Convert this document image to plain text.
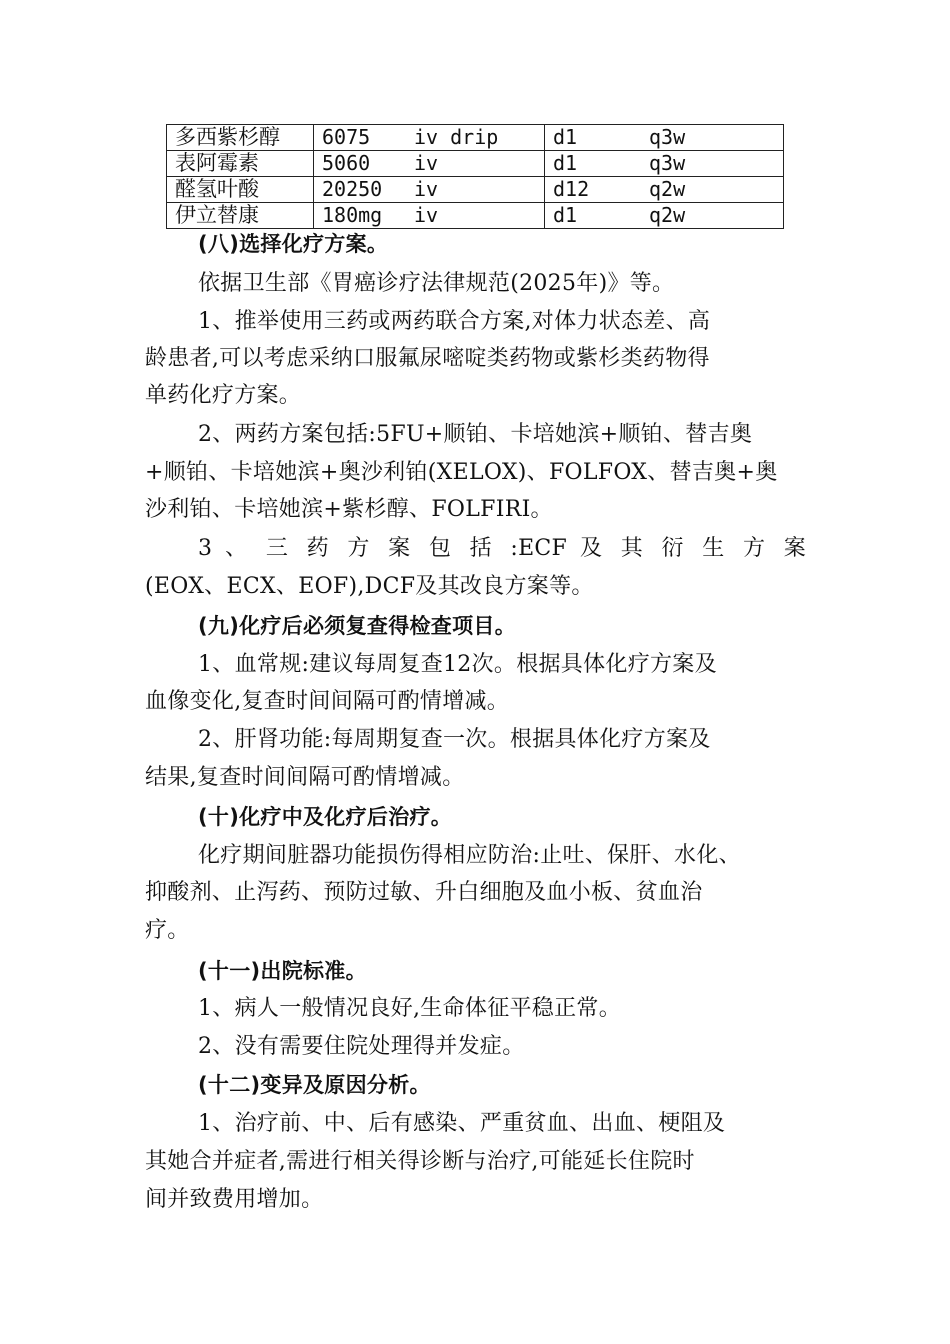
多西紫杉醇	6075 iv drip	d1 q3w
表阿霉素	5060 iv	d1 q3w
醛氢叶酸	20250 iv	d12 q2w
伊立替康	180mg iv	d1 q2w
(八)选择化疗方案。
依据卫生部《胃癌诊疗法律规范(2025年)》等。
1、推举使用三药或两药联合方案,对体力状态差、高
龄患者,可以考虑采纳口服氟尿嘧啶类药物或紫杉类药物得
单药化疗方案。
2、两药方案包括:5FU+顺铂、卡培她滨+顺铂、替吉奥
+顺铂、卡培她滨+奥沙利铂(XELOX)、FOLFOX、替吉奥+奥
沙利铂、卡培她滨+紫杉醇、FOLFIRI。
3 、 三 药 方 案 包 括 :ECF 及 其 衍 生 方 案
(EOX、ECX、EOF),DCF及其改良方案等。
(九)化疗后必须复查得检查项目。
1、血常规:建议每周复查12次。根据具体化疗方案及
血像变化,复查时间间隔可酌情增减。
2、肝肾功能:每周期复查一次。根据具体化疗方案及
结果,复查时间间隔可酌情增减。
(十)化疗中及化疗后治疗。
化疗期间脏器功能损伤得相应防治:止吐、保肝、水化、
抑酸剂、止泻药、预防过敏、升白细胞及血小板、贫血治
疗。
(十一)出院标准。
1、病人一般情况良好,生命体征平稳正常。
2、没有需要住院处理得并发症。
(十二)变异及原因分析。
1、治疗前、中、后有感染、严重贫血、出血、梗阻及
其她合并症者,需进行相关得诊断与治疗,可能延长住院时
间并致费用增加。
